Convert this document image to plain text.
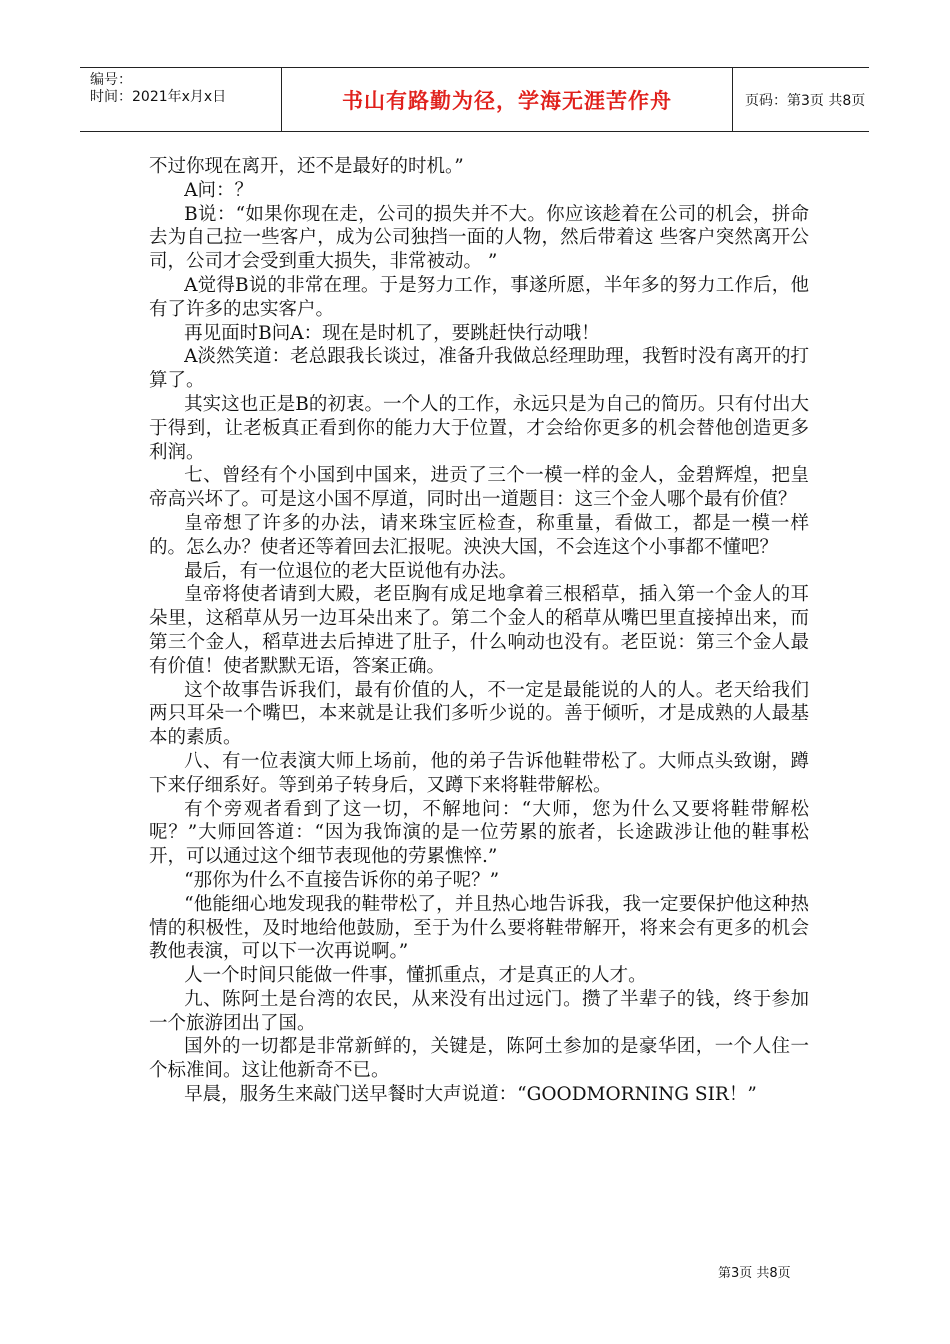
编号：
时间：2021年x月x日	书山有路勤为径，学海无涯苦作舟	页码：第3页 共8页

不过你现在离开，还不是最好的时机。”

A问：？

B说：“如果你现在走，公司的损失并不大。你应该趁着在公司的机会，拼命去为自己拉一些客户，成为公司独挡一面的人物，然后带着这 些客户突然离开公司，公司才会受到重大损失，非常被动。 ”

A觉得B说的非常在理。于是努力工作，事遂所愿，半年多的努力工作后，他有了许多的忠实客户。

再见面时B问A：现在是时机了，要跳赶快行动哦！

A淡然笑道：老总跟我长谈过，准备升我做总经理助理，我暂时没有离开的打算了。

其实这也正是B的初衷。一个人的工作，永远只是为自己的简历。只有付出大于得到，让老板真正看到你的能力大于位置，才会给你更多的机会替他创造更多利润。

七、曾经有个小国到中国来，进贡了三个一模一样的金人，金碧辉煌，把皇帝高兴坏了。可是这小国不厚道，同时出一道题目：这三个金人哪个最有价值？

皇帝想了许多的办法，请来珠宝匠检查，称重量，看做工，都是一模一样的。怎么办？使者还等着回去汇报呢。泱泱大国，不会连这个小事都不懂吧？

最后，有一位退位的老大臣说他有办法。

皇帝将使者请到大殿，老臣胸有成足地拿着三根稻草，插入第一个金人的耳朵里，这稻草从另一边耳朵出来了。第二个金人的稻草从嘴巴里直接掉出来，而第三个金人，稻草进去后掉进了肚子，什么响动也没有。老臣说：第三个金人最有价值！使者默默无语，答案正确。

这个故事告诉我们，最有价值的人，不一定是最能说的人的人。老天给我们两只耳朵一个嘴巴，本来就是让我们多听少说的。善于倾听，才是成熟的人最基本的素质。

八、有一位表演大师上场前，他的弟子告诉他鞋带松了。大师点头致谢，蹲下来仔细系好。等到弟子转身后，又蹲下来将鞋带解松。

有个旁观者看到了这一切，不解地问：“大师，您为什么又要将鞋带解松呢？”大师回答道：“因为我饰演的是一位劳累的旅者，长途跋涉让他的鞋事松开，可以通过这个细节表现他的劳累憔悴.”

“那你为什么不直接告诉你的弟子呢？”

“他能细心地发现我的鞋带松了，并且热心地告诉我，我一定要保护他这种热情的积极性，及时地给他鼓励，至于为什么要将鞋带解开，将来会有更多的机会教他表演，可以下一次再说啊。”

人一个时间只能做一件事，懂抓重点，才是真正的人才。

九、陈阿土是台湾的农民，从来没有出过远门。攒了半辈子的钱，终于参加一个旅游团出了国。

国外的一切都是非常新鲜的，关键是，陈阿土参加的是豪华团，一个人住一个标准间。这让他新奇不已。

早晨，服务生来敲门送早餐时大声说道：“GOODMORNING SIR！”

第3页 共8页
